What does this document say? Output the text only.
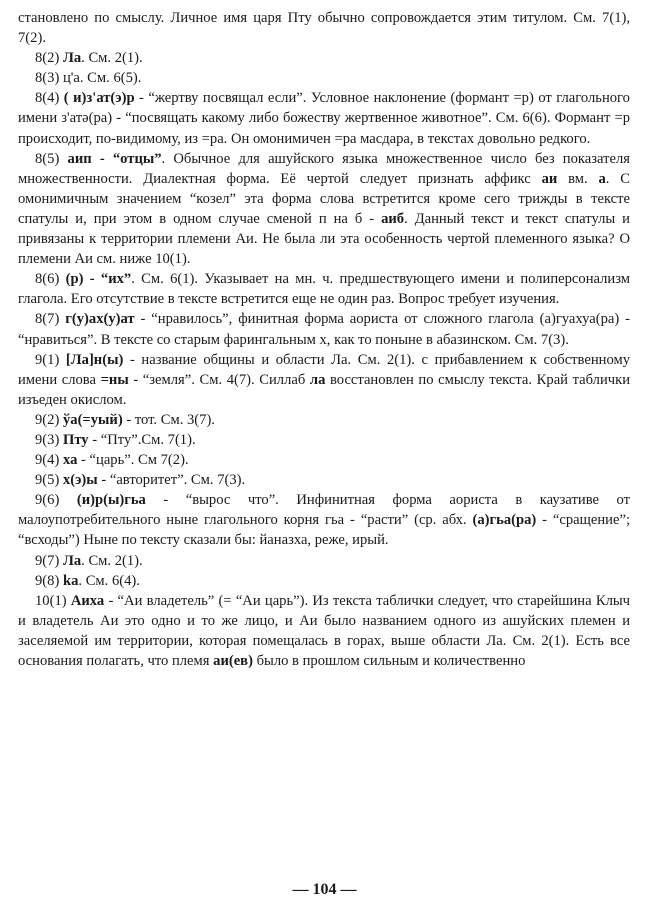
становлено по смыслу. Личное имя царя Пту обычно сопровождается этим титулом. См. 7(1), 7(2).

8(2) Ла. См. 2(1).

8(3) ц'а. См. 6(5).

8(4) ( и)з'ат(э)р - “жертву посвящал если”. Условное наклонение (формант =р) от глагольного имени з'атә(ра) - “посвящать какому либо божеству жертвенное животное”. См. 6(6). Формант =р происходит, по-видимому, из =ра. Он омонимичен =ра масдара, в текстах довольно редкого.

8(5) аип - “отцы”. Обычное для ашуйского языка множественное число без показателя множественности. Диалектная форма. Её чертой следует признать аффикс аи вм. а. С омонимичным значением “козел” эта форма слова встретится кроме сего трижды в тексте спатулы и, при этом в одном случае сменой п на б - аиб. Данный текст и текст спатулы и привязаны к территории племени Аи. Не была ли эта особенность чертой племенного языка? О племени Аи см. ниже 10(1).

8(6) (р) - “их”. См. 6(1). Указывает на мн. ч. предшествующего имени и полиперсонализм глагола. Его отсутствие в тексте встретится еще не один раз. Вопрос требует изучения.

8(7) г(у)ах(у)ат - “нравилось”, финитная форма аориста от сложного глагола (а)гуахуа(ра) - “нравиться”. В тексте со старым фарингальным х, как то поныне в абазинском. См. 7(3).

9(1) [Ла]н(ы) - название общины и области Ла. См. 2(1). с прибавлением к собственному имени слова =ны - “земля”. См. 4(7). Силлаб ла восстановлен по смыслу текста. Край таблички изъеден окислом.

9(2) ўа(=уый) - тот. См. 3(7).

9(3) Пту - “Пту”.См. 7(1).

9(4) ха - “царь”. См 7(2).

9(5) х(э)ы - “авторитет”. См. 7(3).

9(6) (и)р(ы)гьа - “вырос что”. Инфинитная форма аориста в каузативе от малоупотребительного ныне глагольного корня гьа - “расти” (ср. абх. (а)гьа(ра) - “сращение”; “всходы”) Ныне по тексту сказали бы: йаназха, реже, ирый.

9(7) Ла. См. 2(1).

9(8) ka. См. 6(4).

10(1) Аиха - “Аи владетель” (= “Аи царь”). Из текста таблички следует, что старейшина Клыч и владетель Аи это одно и то же лицо, и Аи было названием одного из ашуйских племен и заселяемой им территории, которая помещалась в горах, выше области Ла. См. 2(1). Есть все основания полагать, что племя аи(ев) было в прошлом сильным и количественно

— 104 —
